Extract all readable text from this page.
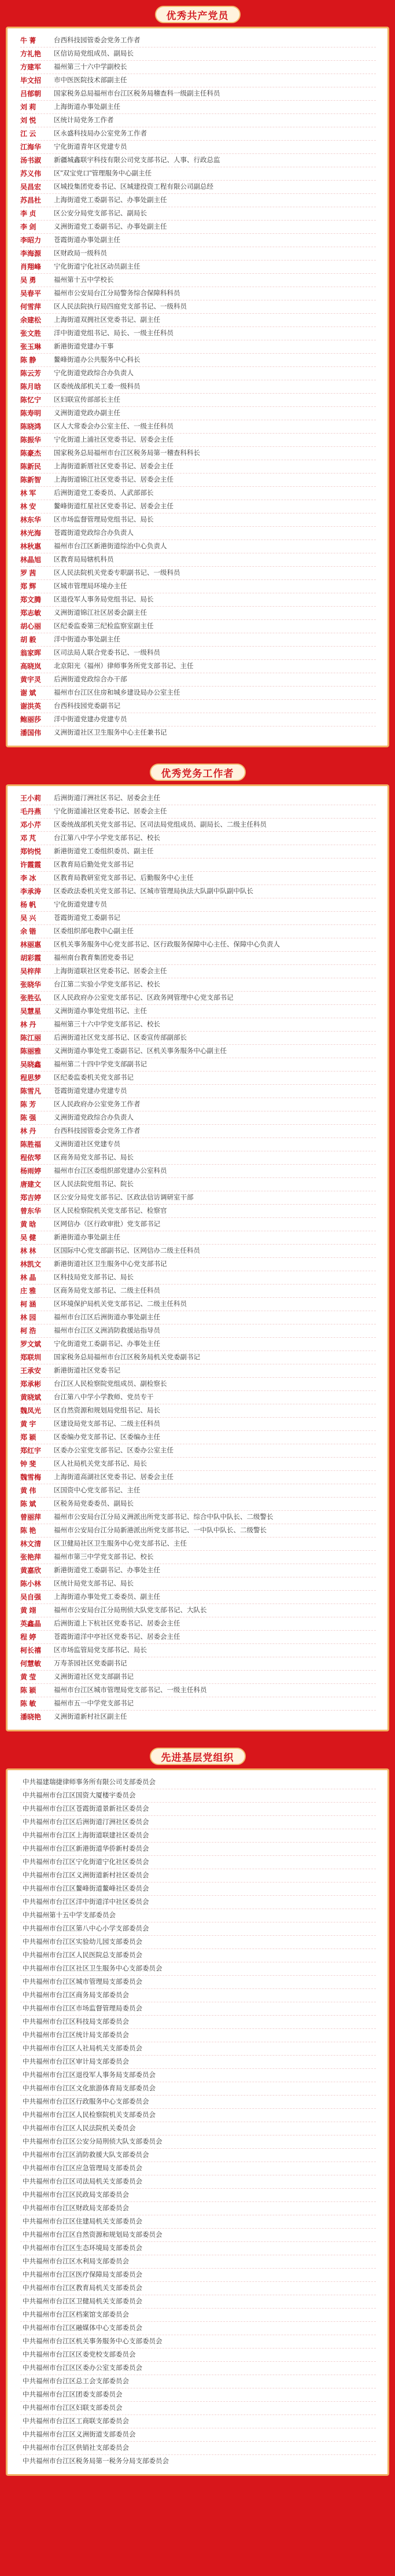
优秀共产党员
牛 菁	台西科技园管委会党务工作者
方礼艳	区信访局党组成员、副局长
方建军	福州第三十六中学副校长
毕文招	市中医医院技术部副主任
吕郁朝	国家税务总局福州市台江区税务局稽查科一级副主任科员
刘 莉	上海街道办事处副主任
刘 悦	区统计局党务工作者
江 云	区永盛科技局办公室党务工作者
江海华	宁化街道青年区党建专员
汤书淑	新疆城鑫联宇科技有限公司党支部书记、人事、行政总监
苏义伟	区"双宝党口"管理服务中心副主任
吴昌宏	区城投集团党委书记、区城建投资工程有限公司副总经
苏昌杜	上海街道党工委副书记、办事处副主任
李 贞	区公安分局党支部书记、副局长
李 剑	义洲街道党工委副书记、办事处副主任
李昭力	苍霞街道办事处副主任
李海源	区财政局一级科员
肖翔峰	宁化街道宁化社区动员副主任
吴 勇	福州第十五中学校长
吴春平	福州市公安局台江分局警务综合保障科科员
何雪萍	区人民法院执行局四庭党支部书记、一级科员
余建松	上海街道双拥社区党委书记、副主任
张文胜	洋中街道党组书记、局长、一级主任科员
张玉琳	新港街道党建办干事
陈 静	鳌峰街道办公共服务中心科长
陈云芳	宁化街道党政综合办负责人
陈月晗	区委统战部机关工委一级科员
陈忆宁	区妇联宣传部部长主任
陈寿明	义洲街道党政办副主任
陈晓鸿	区人大常委会办公室主任、一级主任科员
陈振华	宁化街道上浦社区党委书记、居委会主任
陈豪杰	国家税务总局福州市台江区税务局第一稽查科科长
陈新民	上海街道新厝社区党委书记、居委会主任
陈新智	上海街道锦江社区党委书记、居委会主任
林 军	后洲街道党工委委员、人武部部长
林 安	鳌峰街道红星社区党委书记、居委会主任
林东华	区市场监督管理局党组书记、局长
林光海	苍霞街道党政综合办负责人
林秋惠	福州市台江区新港街道综治中心负责人
林晶旭	区教育局局辖机科员
罗 茜	区人民法院机关党委专职副书记、一级科员
郑 辉	区城市管理局环境办主任
郑文腾	区退役军人事务局党组书记、局长
郑志敏	义洲街道锦江社区居委会副主任
胡心丽	区纪委监委第三纪检监察室副主任
胡 毅	洋中街道办事处副主任
翁家晖	区司法局人联合党委书记、一级科员
高晓岚	北京阳光（福州）律师事务所党支部书记、主任
黄宇灵	后洲街道党政综合办干部
谢 斌	福州市台江区住房和城乡建设局办公室主任
谢洪英	台西科技园党委副书记
鲍丽莎	洋中街道党建办党建专员
潘国伟	义洲街道社区卫生服务中心主任兼书记
优秀党务工作者
王小莉	后洲街道汀洲社区书记、居委会主任
毛丹燕	宁化街道浦社区党委书记、居委会主任
邓小芹	区委统战部机关党支部书记、区司法局党组成员、副局长、二级主任科员
邓 芃	台江第八中学小学党支部书记、校长
郑钧悦	新港街道党工委组织委员、副主任
许霞霞	区教育局后勤处党支部书记
李 冰	区教育局教研室党支部书记、后勤服务中心主任
李承涛	区委政法委机关党支部书记、区城市管理局执法大队副中队副中队长
杨 帆	宁化街道党建专员
吴 兴	苍霞街道党工委副书记
余 锴	区委组织部电教中心副主任
林丽惠	区机关事务服务中心党支部书记、区行政服务保障中心主任、保障中心负责人
胡彩霞	福州南台教育集团党委书记
吴梓萍	上海街道联社区党委书记、居委会主任
张晓华	台江第二实验小学党支部书记、校长
张胜弘	区人民政府办公室党支部书记、区政务网管理中心党支部书记
吴慧星	义洲街道办事处党组书记、主任
林 丹	福州第三十六中学党支部书记、校长
陈江丽	后洲街道社区党支部书记、区委宣传部副部长
陈丽雅	义洲街道办事处党工委副书记、区机关事务服务中心副主任
吴晓鑫	福州第二十四中学党支部副书记
程思梦	区纪委监委机关党支部书记
陈雪凡	苍霞街道党建办党建专员
陈 芳	区人民政府办公室党务工作者
陈 强	义洲街道党政综合办负责人
林 丹	台西科技园管委会党务工作者
陈胜福	义洲街道社区党建专员
程依琴	区商务局党支部书记、局长
杨雨婷	福州市台江区委组织部党建办公室科员
唐建文	区人民法院党组书记、院长
郑吉婷	区公安分局党支部书记、区政法信访调研室干部
曾东华	区人民检察院机关党支部书记、检察官
黄 晗	区网信办（区行政审批）党支部书记
吴 健	新港街道办事处副主任
林 林	区国际中心党支部副书记、区网信办二级主任科员
林凯文	新港街道社区卫生服务中心党支部书记
林 晶	区科技局党支部书记、局长
庄 雅	区商务局党支部书记、二级主任科员
柯 涵	区环境保护局机关党支部书记、二级主任科员
林 园	福州市台江区后洲街道办事处副主任
柯 浩	福州市台江区义洲消防救援站指导员
罗文斌	宁化街道党工委副书记、办事处主任
郑联圳	国家税务总局福州市台江区税务局机关党委副书记
王承安	新港街道社区党委书记
郑承彬	台江区人民检察院党组成员、副检察长
黄晓斌	台江第八中学小学教师、党员专干
魏凤光	区自然资源和规划局党组书记、局长
黄 宇	区建设局党支部书记、二级主任科员
郑 颖	区委编办党支部书记、区委编办主任
郑红宇	区委办公室党支部书记、区委办公室主任
钟 斐	区人社局机关党支部书记、局长
魏雪梅	上海街道高湖社区党委书记、居委会主任
黄 伟	区国资中心党支部书记、主任
陈 斌	区税务局党委委员、副局长
曾丽萍	福州市公安局台江分局义洲派出所党支部书记、综合中队中队长、二级警长
陈 艳	福州市公安局台江分局新港派出所党支部书记、一中队中队长、二级警长
林文清	区卫健局社区卫生服务中心党支部书记、主任
张艳萍	福州市第三中学党支部书记、校长
黄嘉欣	新港街道党工委副书记、办事处主任
陈小林	区统计局党支部书记、局长
吴自强	上海街道办事处党工委委员、副主任
黄 翊	福州市公安局台江分局刑侦大队党支部书记、大队长
英鑫晶	后洲街道上下杭社区党委书记、居委会主任
程 婷	苍霞街道洋中亭社区党委书记、居委会主任
柯长禧	区市场监管局党支部书记、局长
何慧敏	万寿茶园社区党委副书记
黄 莹	义洲街道社区党支部副书记
陈 颖	福州市台江区城市管理局党支部书记、一级主任科员
陈 敏	福州市五一中学党支部书记
潘晓艳	义洲街道新村社区副主任
先进基层党组织
中共福建瑞捷律师事务所有限公司支部委员会
中共福州市台江区国资大厦楼宇委员会
中共福州市台江区苍霞街道景新社区委员会
中共福州市台江区后洲街道汀洲社区委员会
中共福州市台江区上海街道联建社区委员会
中共福州市台江区新港街道华侨新村委员会
中共福州市台江区宁化街道宁化社区委员会
中共福州市台江区义洲街道新村社区委员会
中共福州市台江区鳌峰街道鳌峰社区委员会
中共福州市台江区洋中街道洋中社区委员会
中共福州第十五中学支部委员会
中共福州市台江区第八中心小学支部委员会
中共福州市台江区实验幼儿园支部委员会
中共福州市台江区人民医院总支部委员会
中共福州市台江区社区卫生服务中心支部委员会
中共福州市台江区城市管理局支部委员会
中共福州市台江区商务局支部委员会
中共福州市台江区市场监督管理局委员会
中共福州市台江区科技局支部委员会
中共福州市台江区统计局支部委员会
中共福州市台江区人社局机关支部委员会
中共福州市台江区审计局支部委员会
中共福州市台江区退役军人事务局支部委员会
中共福州市台江区文化旅游体育局支部委员会
中共福州市台江区行政服务中心支部委员会
中共福州市台江区人民检察院机关支部委员会
中共福州市台江区人民法院机关委员会
中共福州市台江区公安分局刑侦大队支部委员会
中共福州市台江区消防救援大队支部委员会
中共福州市台江区应急管理局支部委员会
中共福州市台江区司法局机关支部委员会
中共福州市台江区民政局支部委员会
中共福州市台江区财政局支部委员会
中共福州市台江区住建局机关支部委员会
中共福州市台江区自然资源和规划局支部委员会
中共福州市台江区生态环境局支部委员会
中共福州市台江区水利局支部委员会
中共福州市台江区医疗保障局支部委员会
中共福州市台江区教育局机关支部委员会
中共福州市台江区卫健局机关支部委员会
中共福州市台江区档案馆支部委员会
中共福州市台江区融媒体中心支部委员会
中共福州市台江区机关事务服务中心支部委员会
中共福州市台江区区委党校支部委员会
中共福州市台江区区委办公室支部委员会
中共福州市台江区总工会支部委员会
中共福州市台江区团委支部委员会
中共福州市台江区妇联支部委员会
中共福州市台江区工商联支部委员会
中共福州市台江区义洲街道支部委员会
中共福州市台江区供销社支部委员会
中共福州市台江区税务局第一税务分局支部委员会
